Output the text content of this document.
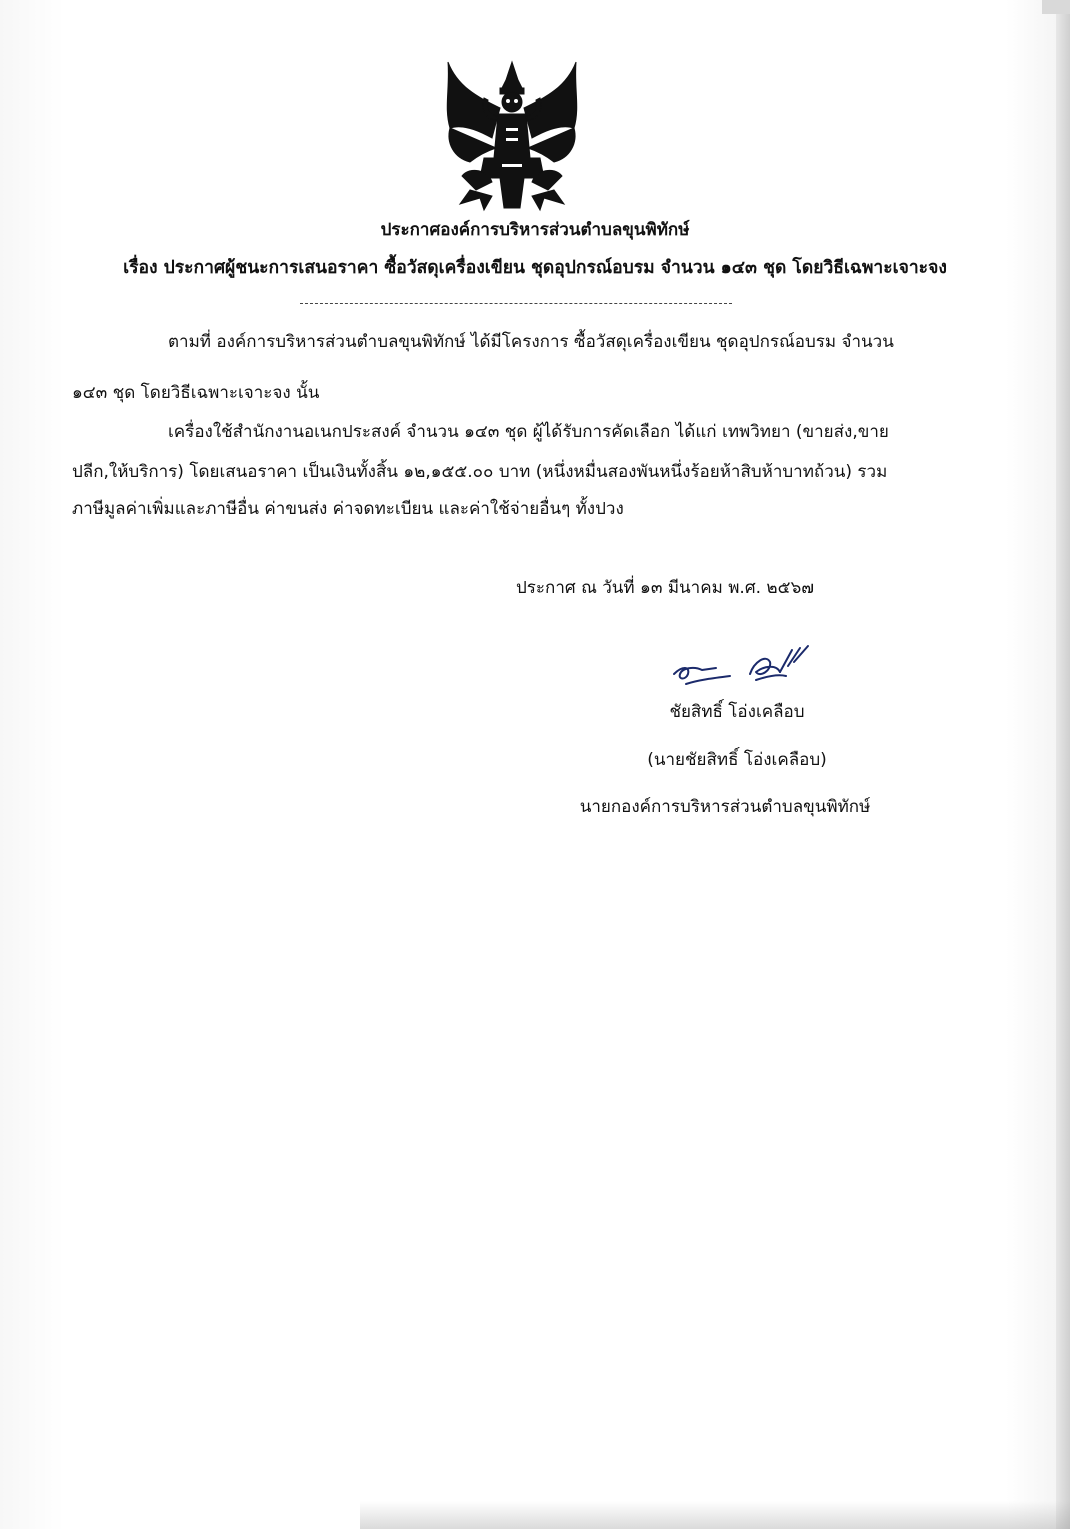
ประกาศองค์การบริหารส่วนตำบลขุนพิทักษ์
เรื่อง ประกาศผู้ชนะการเสนอราคา ซื้อวัสดุเครื่องเขียน ชุดอุปกรณ์อบรม จำนวน ๑๔๓ ชุด โดยวิธีเฉพาะเจาะจง
ตามที่ องค์การบริหารส่วนตำบลขุนพิทักษ์ ได้มีโครงการ ซื้อวัสดุเครื่องเขียน ชุดอุปกรณ์อบรม จำนวน
๑๔๓ ชุด โดยวิธีเฉพาะเจาะจง นั้น
เครื่องใช้สำนักงานอเนกประสงค์ จำนวน ๑๔๓ ชุด ผู้ได้รับการคัดเลือก ได้แก่ เทพวิทยา (ขายส่ง,ขาย
ปลีก,ให้บริการ) โดยเสนอราคา เป็นเงินทั้งสิ้น ๑๒,๑๕๕.๐๐ บาท (หนึ่งหมื่นสองพันหนึ่งร้อยห้าสิบห้าบาทถ้วน) รวม
ภาษีมูลค่าเพิ่มและภาษีอื่น ค่าขนส่ง ค่าจดทะเบียน และค่าใช้จ่ายอื่นๆ ทั้งปวง
ประกาศ ณ วันที่ ๑๓ มีนาคม พ.ศ. ๒๕๖๗
ชัยสิทธิ์ โอ่งเคลือบ
(นายชัยสิทธิ์ โอ่งเคลือบ)
นายกองค์การบริหารส่วนตำบลขุนพิทักษ์
